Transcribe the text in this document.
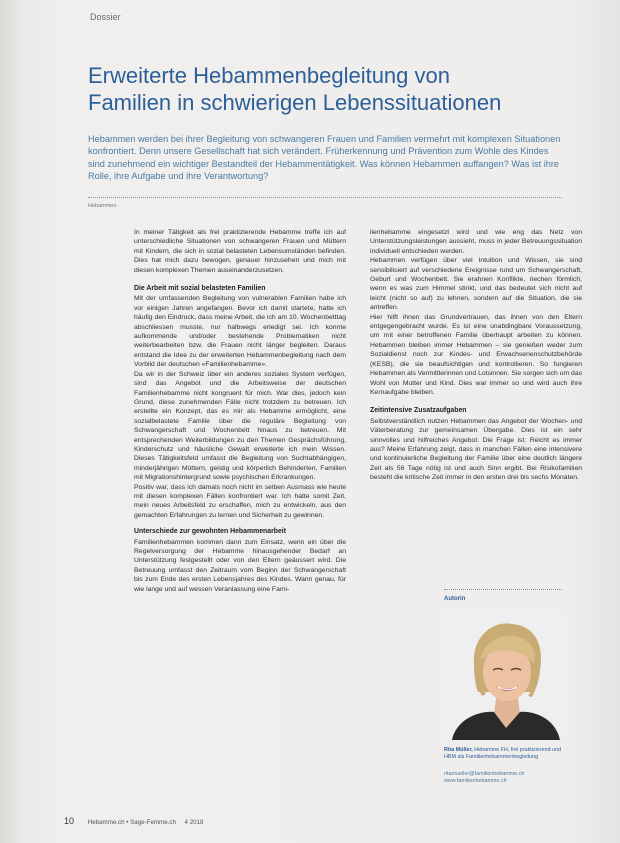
Dossier
Erweiterte Hebammenbegleitung von
Familien in schwierigen Lebenssituationen

Hebammen werden bei ihrer Begleitung von schwangeren Frauen und Familien vermehrt mit komplexen Situationen konfrontiert. Denn unsere Gesellschaft hat sich verändert. Früherkennung und Prävention zum Wohle des Kindes sind zunehmend ein wichtiger Bestandteil der Hebammentätigkeit. Was können Hebammen auffangen? Was ist ihre Rolle, ihre Aufgabe und ihre Verantwortung?

Hebammen

In meiner Tätigkeit als frei praktizierende Hebamme treffe ich auf unterschiedliche Situationen von schwangeren Frauen und Müttern mit Kindern, die sich in sozial belasteten Lebensumständen befinden. Dies hat mich dazu bewogen, genauer hinzusehen und mich mit diesen komplexen Themen auseinanderzusetzen.

Die Arbeit mit sozial belasteten Familien

Mit der umfassenden Begleitung von vulnerablen Familien habe ich vor einigen Jahren angefangen. Bevor ich damit startete, hatte ich häufig den Eindruck, dass meine Arbeit, die ich am 10. Wochenbetttag abschliessen musste, nur halbwegs erledigt sei. Ich konnte aufkommende und/oder bestehende Problematiken nicht weiterbearbeiten bzw. die Frauen nicht länger begleiten. Daraus entstand die Idee zu der erweiterten Hebammenbegleitung nach dem Vorbild der deutschen «Familienhebamme».

Da wir in der Schweiz über ein anderes soziales System verfügen, sind das Angebot und die Arbeitsweise der deutschen Familienhebamme nicht kongruent für mich. War dies, jedoch kein Grund, diese zunehmenden Fälle nicht trotzdem zu betreuen. Ich erstellte ein Konzept, das es mir als Hebamme ermöglicht, eine sozialbelastete Familie über die reguläre Begleitung von Schwangerschaft und Wochenbett hinaus zu betreuen. Mit entsprechenden Weiterbildungen zu den Themen Gesprächsführung, Kinderschutz und häusliche Gewalt erweiterte ich mein Wissen. Dieses Tätigkeitsfeld umfasst die Begleitung von Suchtabhängigen, minderjährigen Müttern, geistig und körperlich Behinderten, Familien mit Migrationshintergrund sowie psychischen Erkrankungen.

Positiv war, dass ich damals noch nicht im selben Ausmass wie heute mit diesen komplexen Fällen konfrontiert war. Ich hatte somit Zeit, mein neues Arbeitsfeld zu erschaffen, mich zu entwickeln, aus den gemachten Erfahrungen zu lernen und Sicherheit zu gewinnen.

Unterschiede zur gewohnten Hebammenarbeit

Familienhebammen kommen dann zum Einsatz, wenn ein über die Regelversorgung der Hebamme hinausgehender Bedarf an Unterstützung festgestellt oder von den Eltern geäussert wird. Die Betreuung umfasst den Zeitraum vom Beginn der Schwangerschaft bis zum Ende des ersten Lebensjahres des Kindes. Wann genau, für wie lange und auf wessen Veranlassung eine Fami-

lienhebamme eingesetzt wird und wie eng das Netz von Unterstützungsleistungen aussieht, muss in jeder Betreuungssituation individuell entschieden werden.

Hebammen verfügen über viel Intuition und Wissen, sie sind sensibilisiert auf verschiedene Ereignisse rund um Schwangerschaft, Geburt und Wochenbett. Sie erahnen Konflikte, riechen förmlich, wenn es was zum Himmel stinkt, und das bedeutet sich nicht auf leicht (nicht so auf) zu lehnen, sondern auf die Situation, die sie antreffen.

Hier hilft ihnen das Grundvertrauen, das ihnen von den Eltern entgegengebracht wurde. Es ist eine unabdingbare Voraussetzung, um mit einer betroffenen Familie überhaupt arbeiten zu können. Hebammen bleiben immer Hebammen – sie genießen weder zum Sozialdienst noch zur Kindes- und Erwachsenenschutzbehörde (KESB), die sie beaufsichtigen und kontrollieren. So fungieren Hebammen als Vermittlerinnen und Lotsinnen. Sie sorgen sich um das Wohl von Mutter und Kind. Dies war immer so und wird auch ihre Kernaufgabe bleiben.

Zeitintensive Zusatzaufgaben

Selbstverständlich nutzen Hebammen das Angebot der Wochen- und Väterberatung zur gemeinsamen Übergabe. Dies ist ein sehr sinnvolles und hilfreiches Angebot. Die Frage ist: Reicht es immer aus? Meine Erfahrung zeigt, dass in manchen Fällen eine intensivere und kontinuierliche Begleitung der Familie über eine deutlich längere Zeit als 56 Tage nötig ist und auch Sinn ergibt. Bei Risikofamilien besteht die kritische Zeit immer in den ersten drei bis sechs Monaten.

Autorin
Rita Müller, Hebamme FH, frei praktizierend und HBM als Familienhebammenbegleitung
ritamueller@familienhebamme.ch
www.familienhebamme.ch
10 Hebamme.ch • Sage-Femme.ch 4 2018
